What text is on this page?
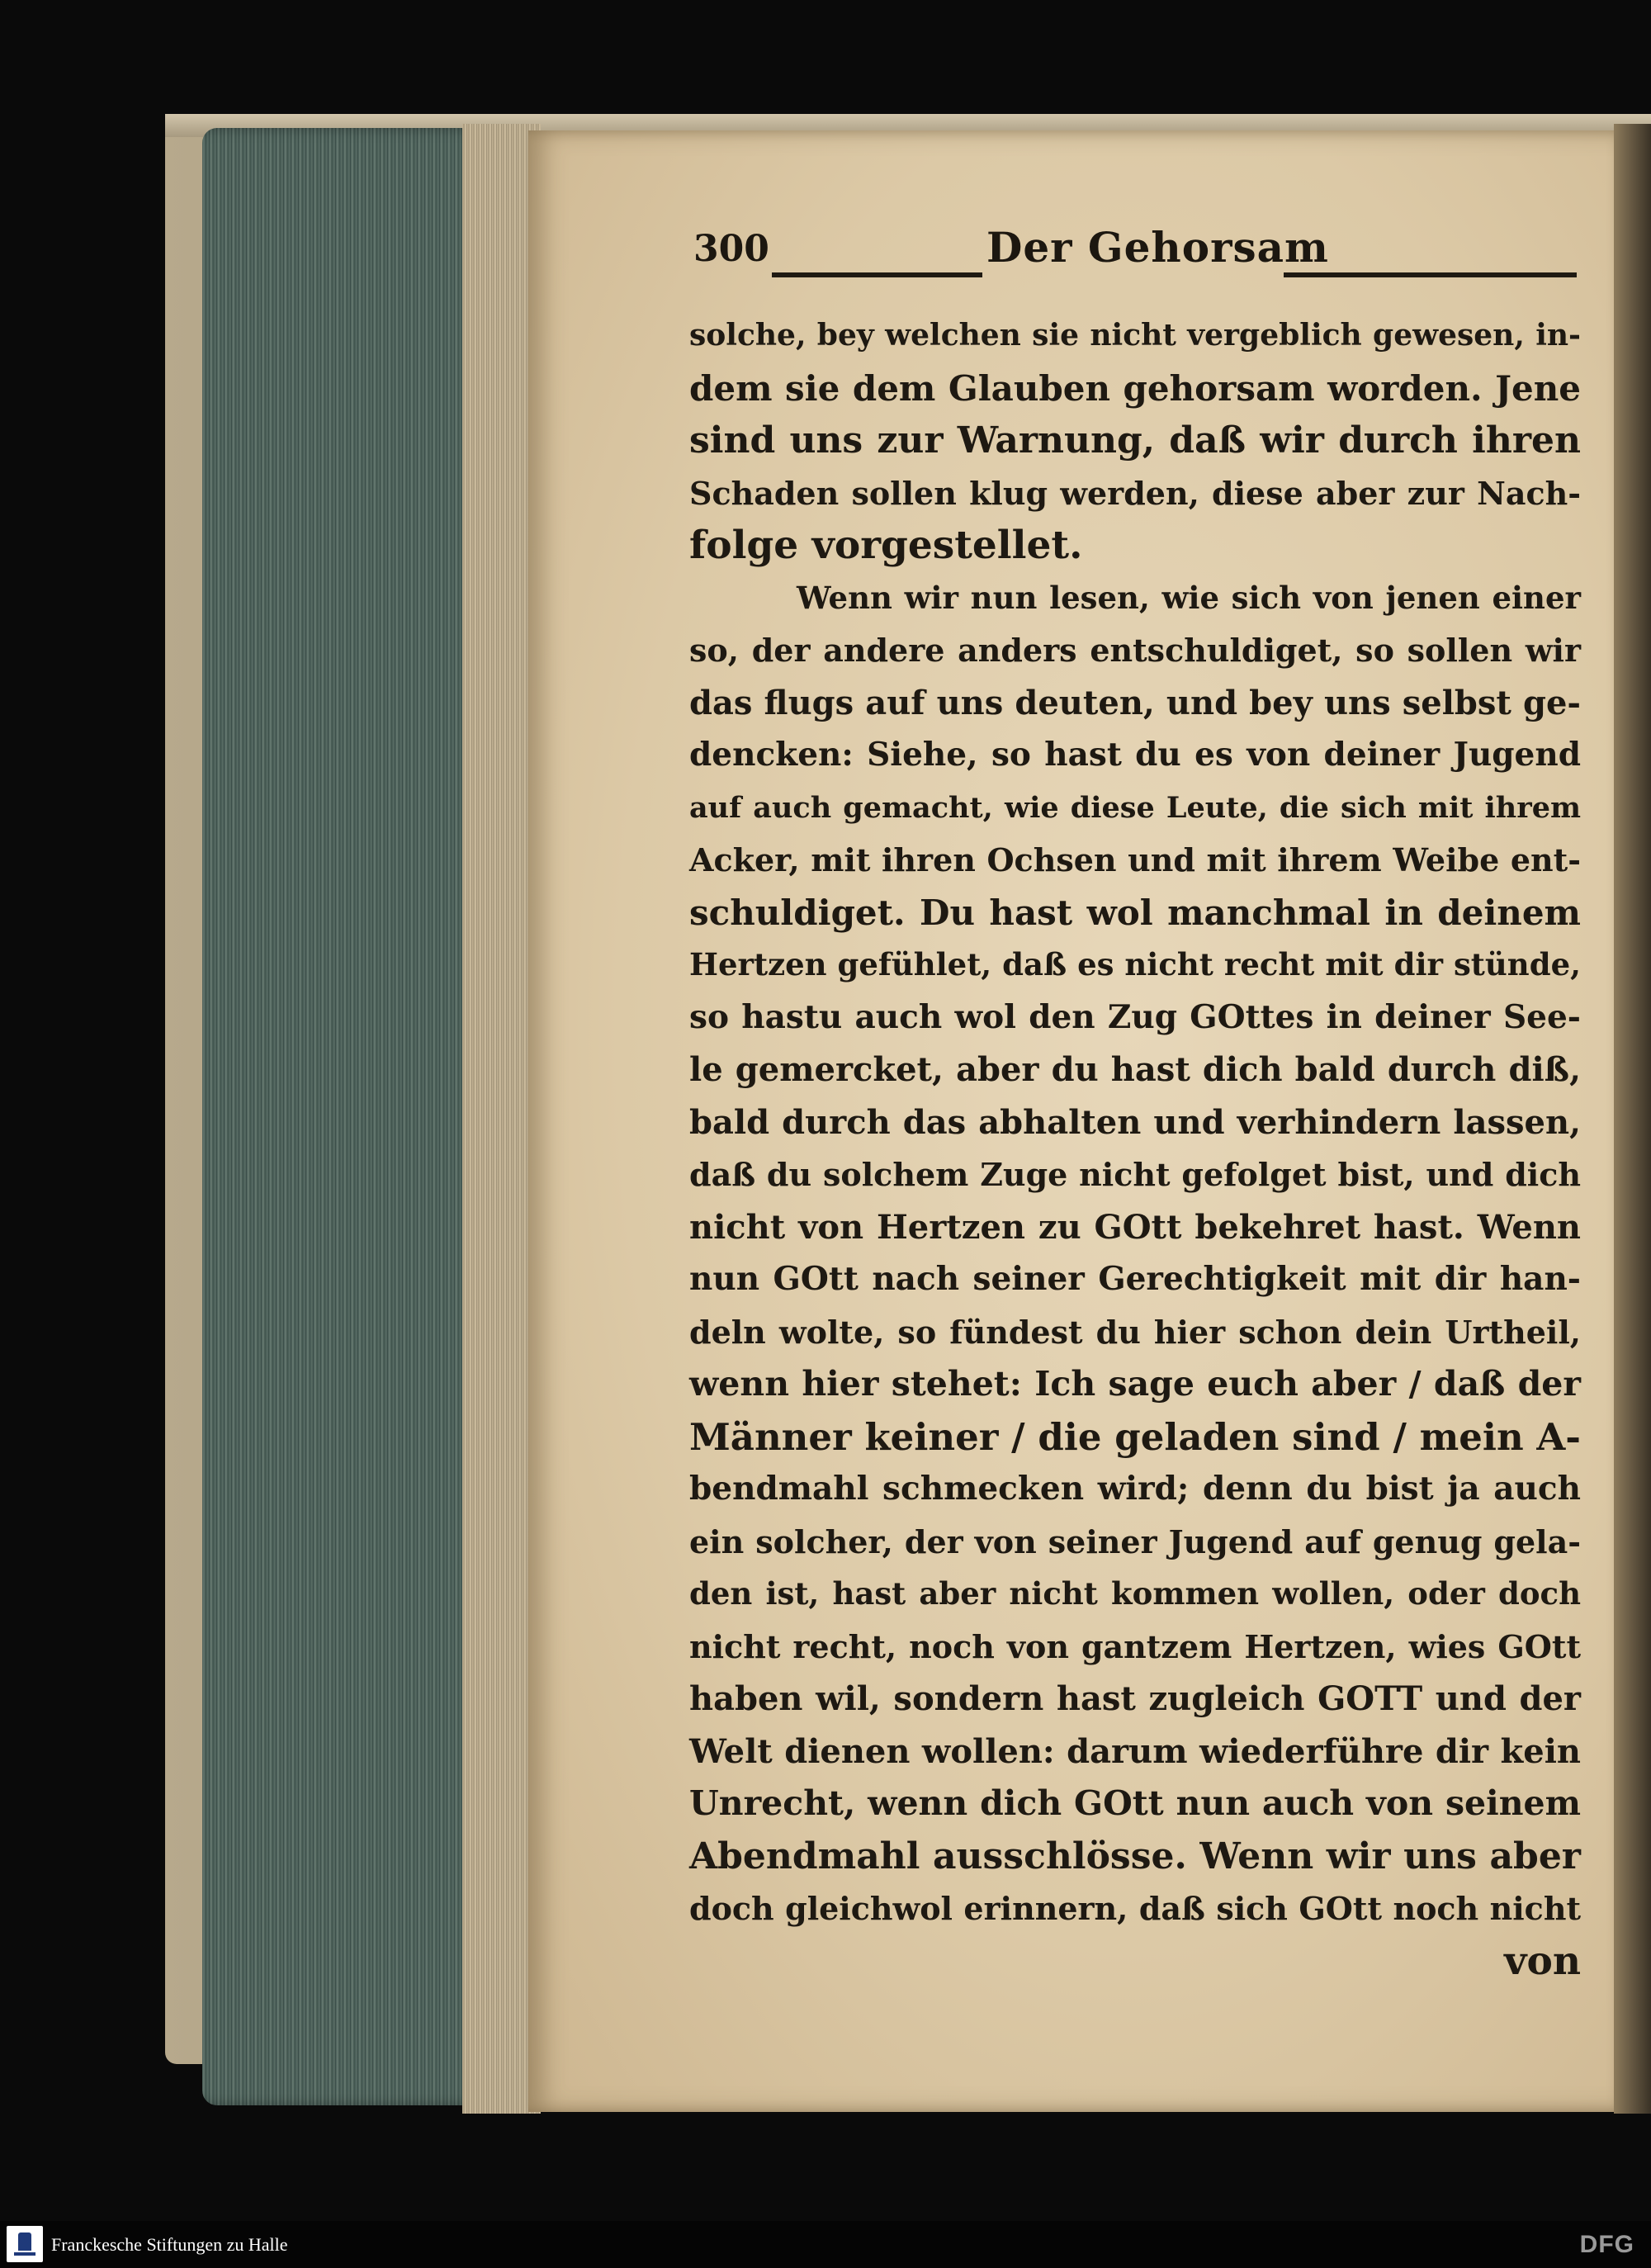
300	Der Gehorsam
solche, bey welchen sie nicht vergeblich gewesen, in-
dem sie dem Glauben gehorsam worden. Jene
sind uns zur Warnung, daß wir durch ihren
Schaden sollen klug werden, diese aber zur Nach-
folge vorgestellet.
Wenn wir nun lesen, wie sich von jenen einer
so, der andere anders entschuldiget, so sollen wir
das flugs auf uns deuten, und bey uns selbst ge-
dencken: Siehe, so hast du es von deiner Jugend
auf auch gemacht, wie diese Leute, die sich mit ihrem
Acker, mit ihren Ochsen und mit ihrem Weibe ent-
schuldiget. Du hast wol manchmal in deinem
Hertzen gefühlet, daß es nicht recht mit dir stünde,
so hastu auch wol den Zug GOttes in deiner See-
le gemercket, aber du hast dich bald durch diß,
bald durch das abhalten und verhindern lassen,
daß du solchem Zuge nicht gefolget bist, und dich
nicht von Hertzen zu GOtt bekehret hast. Wenn
nun GOtt nach seiner Gerechtigkeit mit dir han-
deln wolte, so fündest du hier schon dein Urtheil,
wenn hier stehet: Ich sage euch aber / daß der
Männer keiner / die geladen sind / mein A-
bendmahl schmecken wird; denn du bist ja auch
ein solcher, der von seiner Jugend auf genug gela-
den ist, hast aber nicht kommen wollen, oder doch
nicht recht, noch von gantzem Hertzen, wies GOtt
haben wil, sondern hast zugleich GOTT und der
Welt dienen wollen: darum wiederführe dir kein
Unrecht, wenn dich GOtt nun auch von seinem
Abendmahl ausschlösse. Wenn wir uns aber
doch gleichwol erinnern, daß sich GOtt noch nicht
von
Franckesche Stiftungen zu Halle	DFG
